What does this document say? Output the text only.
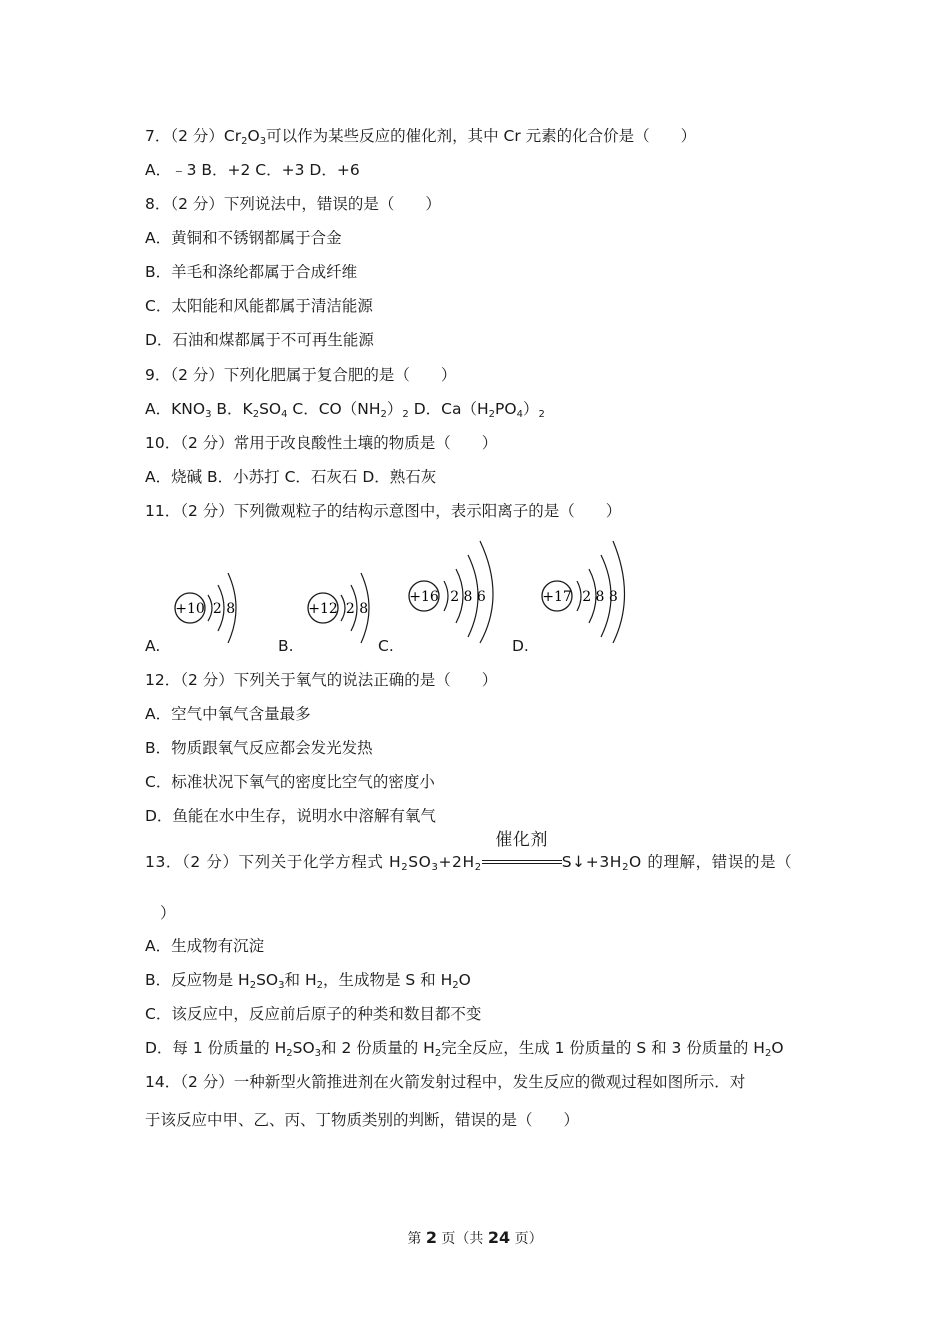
7．（2 分）$Cr_2O_3$可以作为某些反应的催化剂，其中 Cr 元素的化合价是（　　）
A．﹣3 B．+2 C．+3 D．+6
8．（2 分）下列说法中，错误的是（　　）
A．黄铜和不锈钢都属于合金
B．羊毛和涤纶都属于合成纤维
C．太阳能和风能都属于清洁能源
D．石油和煤都属于不可再生能源
9．（2 分）下列化肥属于复合肥的是（　　）
A．$KNO_3$ B．$K_2SO_4$ C．$CO(NH_2)_2$ D．$Ca(H_2PO_4)_2$
10．（2 分）常用于改良酸性土壤的物质是（　　）
A．烧碱 B．小苏打 C．石灰石 D．熟石灰
11．（2 分）下列微观粒子的结构示意图中，表示阳离子的是（　　）
+10 2 8	+12 2 8
+16 2 8 6	+17 2 8 8
A.	B.	C.	D.
12．（2 分）下列关于氧气的说法正确的是（　　）
A．空气中氧气含量最多
B．物质跟氧气反应都会发光发热
C．标准状况下氧气的密度比空气的密度小
D．鱼能在水中生存，说明水中溶解有氧气
13．（2 分）下列关于化学方程式 $H_2SO_3+2H_2$
催化剂
$S↓+3H_2O$ 的理解，错误的是（
）
A．生成物有沉淀
B．反应物是 $H_2SO_3$和 $H_2$，生成物是 S 和 $H_2O$
C．该反应中，反应前后原子的种类和数目都不变
D．每 1 份质量的 $H_2SO_3$和 2 份质量的 $H_2$完全反应，生成 1 份质量的 S 和 3 份质量的 $H_2O$
14．（2 分）一种新型火箭推进剂在火箭发射过程中，发生反应的微观过程如图所示．对
于该反应中甲、乙、丙、丁物质类别的判断，错误的是（　　）
第 2 页（共 24 页）
